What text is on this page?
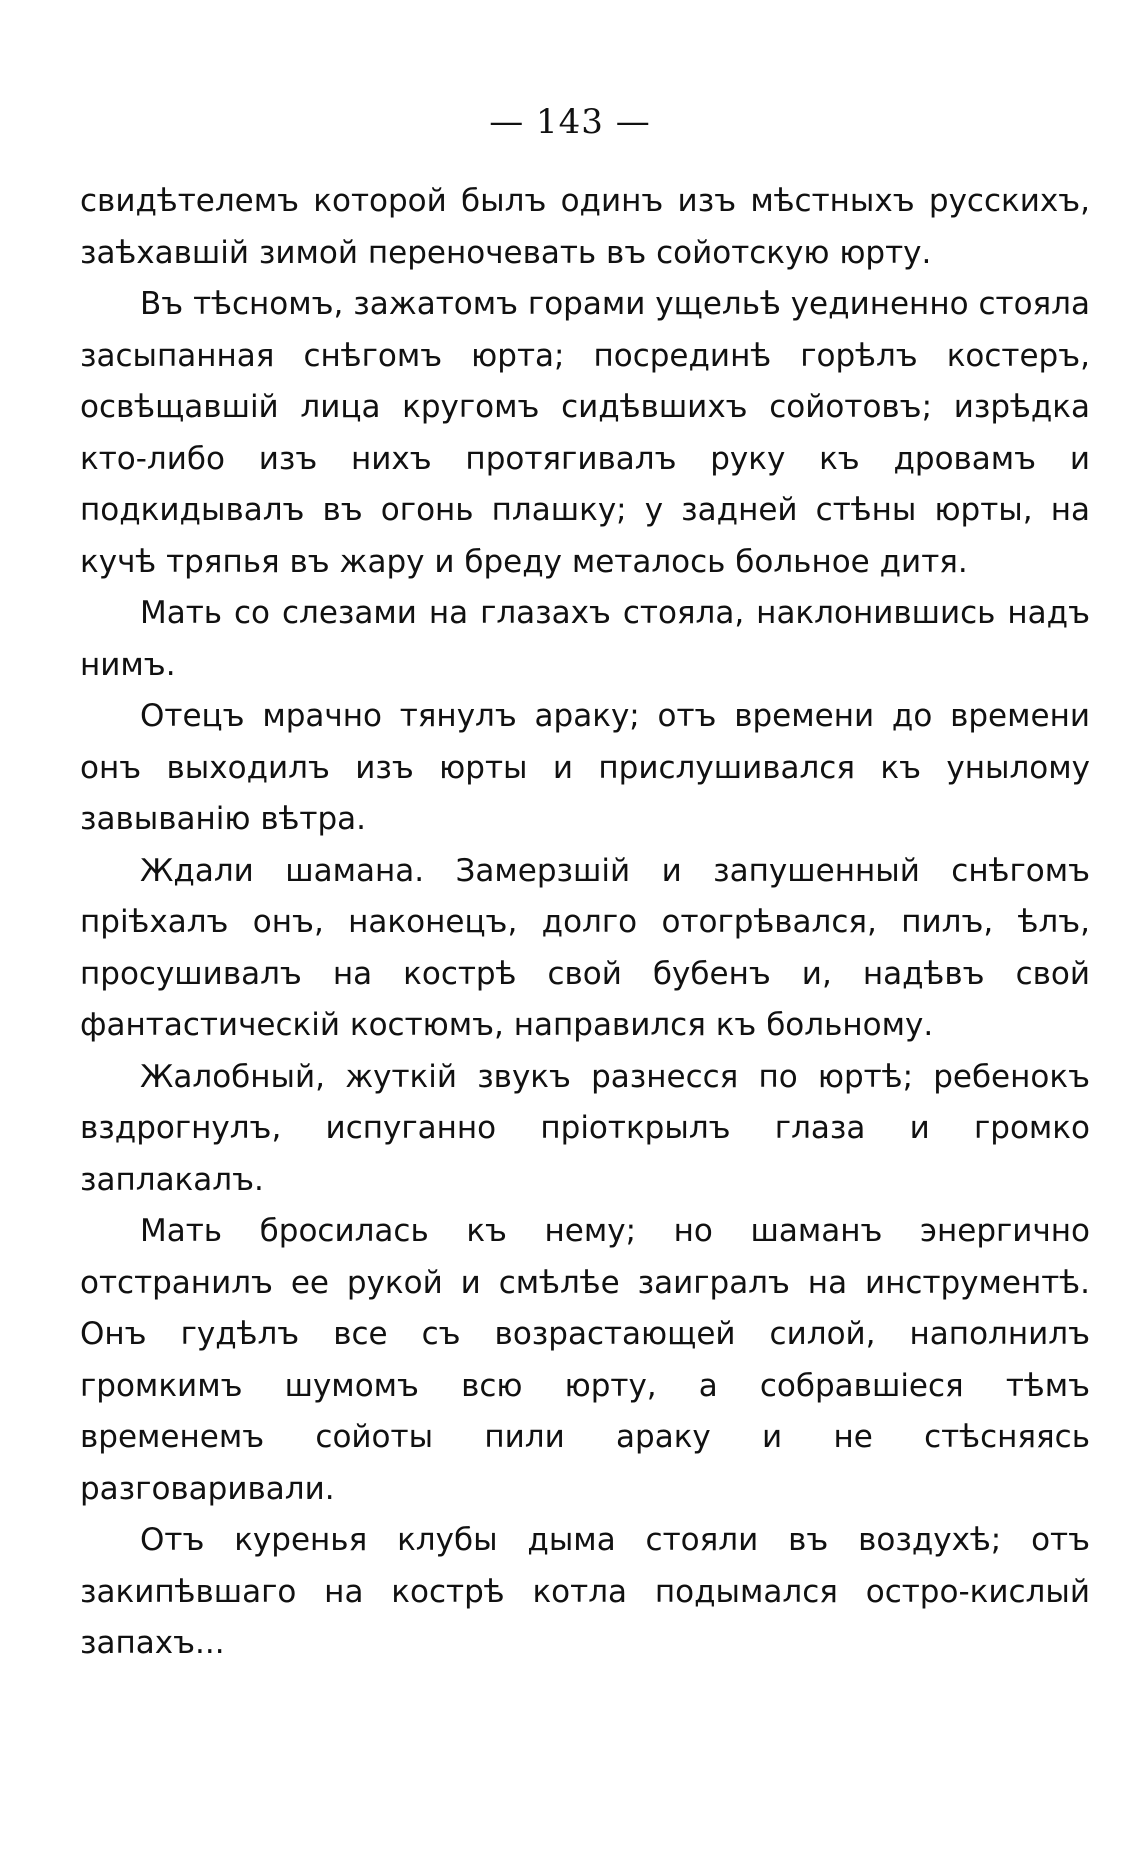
— 143 —

свидѣтелемъ которой былъ одинъ изъ мѣстныхъ русскихъ, заѣхавшій зимой переночевать въ сойотскую юрту.

Въ тѣсномъ, зажатомъ горами ущельѣ уединенно стояла засыпанная снѣгомъ юрта; посрединѣ горѣлъ костеръ, освѣщавшій лица кругомъ сидѣвшихъ сойотовъ; изрѣдка кто-либо изъ нихъ протягивалъ руку къ дровамъ и подкидывалъ въ огонь плашку; у задней стѣны юрты, на кучѣ тряпья въ жару и бреду металось больное дитя.

Мать со слезами на глазахъ стояла, наклонившись надъ нимъ.

Отецъ мрачно тянулъ араку; отъ времени до времени онъ выходилъ изъ юрты и прислушивался къ унылому завыванію вѣтра.

Ждали шамана. Замерзшій и запушенный снѣгомъ пріѣхалъ онъ, наконецъ, долго отогрѣвался, пилъ, ѣлъ, просушивалъ на кострѣ свой бубенъ и, надѣвъ свой фантастическій костюмъ, направился къ больному.

Жалобный, жуткій звукъ разнесся по юртѣ; ребенокъ вздрогнулъ, испуганно пріоткрылъ глаза и громко заплакалъ.

Мать бросилась къ нему; но шаманъ энергично отстранилъ ее рукой и смѣлѣе заигралъ на инструментѣ. Онъ гудѣлъ все съ возрастающей силой, наполнилъ громкимъ шумомъ всю юрту, а собравшіеся тѣмъ временемъ сойоты пили араку и не стѣсняясь разговаривали.

Отъ куренья клубы дыма стояли въ воздухѣ; отъ закипѣвшаго на кострѣ котла подымался остро-кислый запахъ...
